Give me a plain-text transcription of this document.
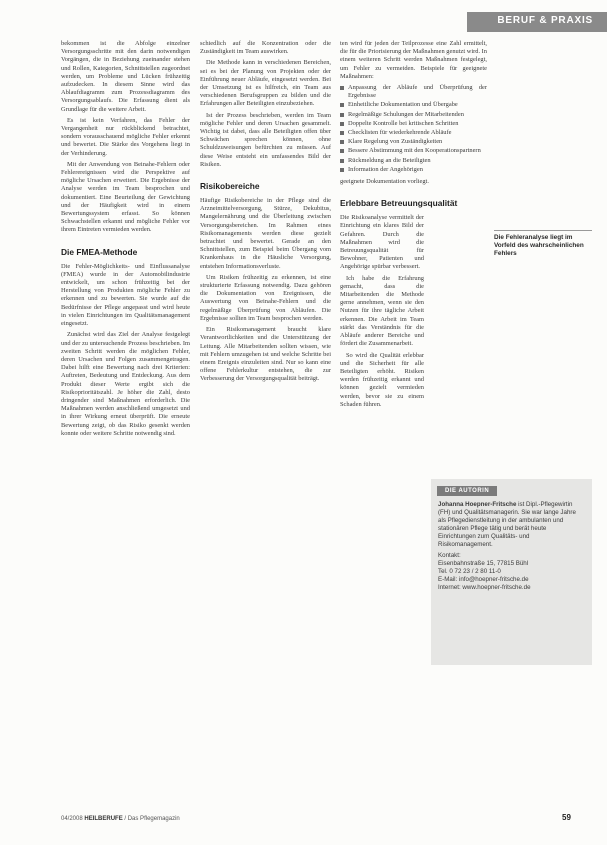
BERUF & PRAXIS

bekommen ist die Abfolge einzelner Versorgungsschritte mit den darin notwendigen Vorgängen, die in Beziehung zueinander stehen und Rollen, Kategorien, Schnittstellen zugeordnet werden, um Probleme und Lücken frühzeitig aufzudecken. In diesem Sinne wird das Ablaufdiagramm zum Prozessdiagramm des Versorgungsablaufs. Die Erfassung dient als Grundlage für die weitere Arbeit.

Es ist kein Verfahren, das Fehler der Vergangenheit nur rückblickend betrachtet, sondern vorausschauend mögliche Fehler erkennt und bewertet. Die Stärke des Vorgehens liegt in der Verhinderung.

Mit der Anwendung von Beinahe-Fehlern oder Fehlerereignissen wird die Perspektive auf mögliche Ursachen erweitert. Die Ergebnisse der Analyse werden im Team besprochen und dokumentiert. Eine Beurteilung der Gewichtung und der Häufigkeit wird in einem Bewertungssystem erfasst. So können Schwachstellen erkannt und mögliche Fehler vor ihrem Eintreten vermieden werden.

Die FMEA-Methode

Die Fehler-Möglichkeits- und Einflussanalyse (FMEA) wurde in der Automobilindustrie entwickelt, um schon frühzeitig bei der Herstellung von Produkten mögliche Fehler zu erkennen und zu bewerten. Sie wurde auf die Bedürfnisse der Pflege angepasst und wird heute in vielen Einrichtungen im Qualitätsmanagement eingesetzt.

Zunächst wird das Ziel der Analyse festgelegt und der zu untersuchende Prozess beschrieben. Im zweiten Schritt werden die möglichen Fehler, deren Ursachen und Folgen zusammengetragen. Dabei hilft eine Bewertung nach drei Kriterien: Auftreten, Bedeutung und Entdeckung. Aus dem Produkt dieser Werte ergibt sich die Risikoprioritätszahl. Je höher die Zahl, desto dringender sind Maßnahmen erforderlich. Die Maßnahmen werden anschließend umgesetzt und in ihrer Wirkung erneut überprüft. Die erneute Bewertung zeigt, ob das Risiko gesenkt werden konnte oder weitere Schritte notwendig sind.

schiedlich auf die Konzentration oder die Zuständigkeit im Team auswirken.

Die Methode kann in verschiedenen Bereichen, sei es bei der Planung von Projekten oder der Einführung neuer Abläufe, eingesetzt werden. Bei der Umsetzung ist es hilfreich, ein Team aus verschiedenen Berufsgruppen zu bilden und die Erfahrungen aller Beteiligten einzubeziehen.

Ist der Prozess beschrieben, werden im Team mögliche Fehler und deren Ursachen gesammelt. Wichtig ist dabei, dass alle Beteiligten offen über Schwächen sprechen können, ohne Schuldzuweisungen befürchten zu müssen. Auf diese Weise entsteht ein umfassendes Bild der Risiken.

Risikobereiche

Häufige Risikobereiche in der Pflege sind die Arzneimittelversorgung, Stürze, Dekubitus, Mangelernährung und die Überleitung zwischen Versorgungsbereichen. Im Rahmen eines Risikomanagements werden diese gezielt betrachtet und bewertet. Gerade an den Schnittstellen, zum Beispiel beim Übergang vom Krankenhaus in die Häusliche Versorgung, entstehen Informationsverluste.

Um Risiken frühzeitig zu erkennen, ist eine strukturierte Erfassung notwendig. Dazu gehören die Dokumentation von Ereignissen, die Auswertung von Beinahe-Fehlern und die regelmäßige Überprüfung von Abläufen. Die Ergebnisse sollten im Team besprochen werden.

Ein Risikomanagement braucht klare Verantwortlichkeiten und die Unterstützung der Leitung. Alle Mitarbeitenden sollten wissen, wie mit Fehlern umzugehen ist und welche Schritte bei einem Ereignis einzuleiten sind. Nur so kann eine offene Fehlerkultur entstehen, die zur Verbesserung der Versorgungsqualität beiträgt.

ten wird für jeden der Teilprozesse eine Zahl ermittelt, die für die Priorisierung der Maßnahmen genutzt wird. In einem weiteren Schritt werden Maßnahmen festgelegt, um Fehler zu vermeiden. Beispiele für geeignete Maßnahmen:

Anpassung der Abläufe und Überprüfung der Ergebnisse
Einheitliche Dokumentation und Übergabe
Regelmäßige Schulungen der Mitarbeitenden
Doppelte Kontrolle bei kritischen Schritten
Checklisten für wiederkehrende Abläufe
Klare Regelung von Zuständigkeiten
Bessere Abstimmung mit den Kooperationspartnern
Rückmeldung an die Beteiligten
Information der Angehörigen

geeignete Dokumentation vorliegt.

Erlebbare Betreuungsqualität

Die Risikoanalyse vermittelt der Einrichtung ein klares Bild der Gefahren. Durch die Maßnahmen wird die Betreuungsqualität für Bewohner, Patienten und Angehörige spürbar verbessert.

Ich habe die Erfahrung gemacht, dass die Mitarbeitenden die Methode gerne annehmen, wenn sie den Nutzen für ihre tägliche Arbeit erkennen. Die Arbeit im Team stärkt das Verständnis für die Abläufe anderer Bereiche und fördert die Zusammenarbeit.

So wird die Qualität erlebbar und die Sicherheit für alle Beteiligten erhöht. Risiken werden frühzeitig erkannt und können gezielt vermieden werden, bevor sie zu einem Schaden führen.

Die Fehleranalyse liegt im Vorfeld des wahrscheinlichen Fehlers
DIE AUTORIN
Johanna Hoepner-Fritsche ist Dipl.-Pflegewirtin (FH) und Qualitätsmanagerin. Sie war lange Jahre als Pflegedienstleitung in der ambulanten und stationären Pflege tätig und berät heute Einrichtungen zum Qualitäts- und Risikomanagement.
Kontakt:
Eisenbahnstraße 15, 77815 Bühl
Tel. 0 72 23 / 2 80 11-0
E-Mail: info@hoepner-fritsche.de
Internet: www.hoepner-fritsche.de
04/2008 HEILBERUFE / Das Pflegemagazin	59
